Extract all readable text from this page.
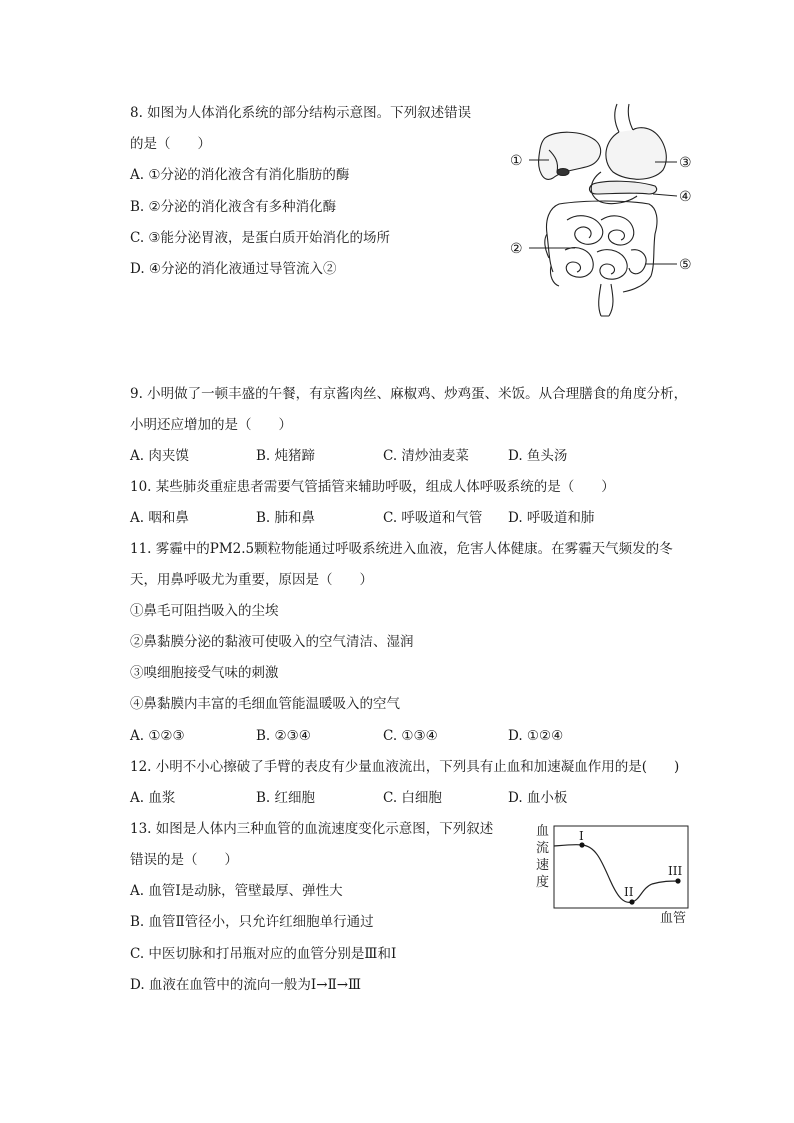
8. 如图为人体消化系统的部分结构示意图。下列叙述错误
的是（　　）
A. ①分泌的消化液含有消化脂肪的酶
B. ②分泌的消化液含有多种消化酶
C. ③能分泌胃液，是蛋白质开始消化的场所
D. ④分泌的消化液通过导管流入②
①
②
③
④
⑤
9. 小明做了一顿丰盛的午餐，有京酱肉丝、麻椒鸡、炒鸡蛋、米饭。从合理膳食的角度分析，
小明还应增加的是（　　）
A. 肉夹馍	B. 炖猪蹄	C. 清炒油麦菜	D. 鱼头汤
10. 某些肺炎重症患者需要气管插管来辅助呼吸，组成人体呼吸系统的是（　　）
A. 咽和鼻	B. 肺和鼻	C. 呼吸道和气管 D. 呼吸道和肺
11. 雾霾中的PM2.5颗粒物能通过呼吸系统进入血液，危害人体健康。在雾霾天气频发的冬
天，用鼻呼吸尤为重要，原因是（　　）
①鼻毛可阻挡吸入的尘埃
②鼻黏膜分泌的黏液可使吸入的空气清洁、湿润
③嗅细胞接受气味的刺激
④鼻黏膜内丰富的毛细血管能温暖吸入的空气
A. ①②③	B. ②③④	C. ①③④	D. ①②④
12. 小明不小心擦破了手臂的表皮有少量血液流出，下列具有止血和加速凝血作用的是(　　)
A. 血浆	B. 红细胞	C. 白细胞	D. 血小板
13. 如图是人体内三种血管的血流速度变化示意图，下列叙述
错误的是（　　）
A. 血管Ⅰ是动脉，管壁最厚、弹性大
B. 血管Ⅱ管径小，只允许红细胞单行通过
C. 中医切脉和打吊瓶对应的血管分别是Ⅲ和Ⅰ
D. 血液在血管中的流向一般为Ⅰ→Ⅱ→Ⅲ
血
流
速
度
血管
I
II
III
